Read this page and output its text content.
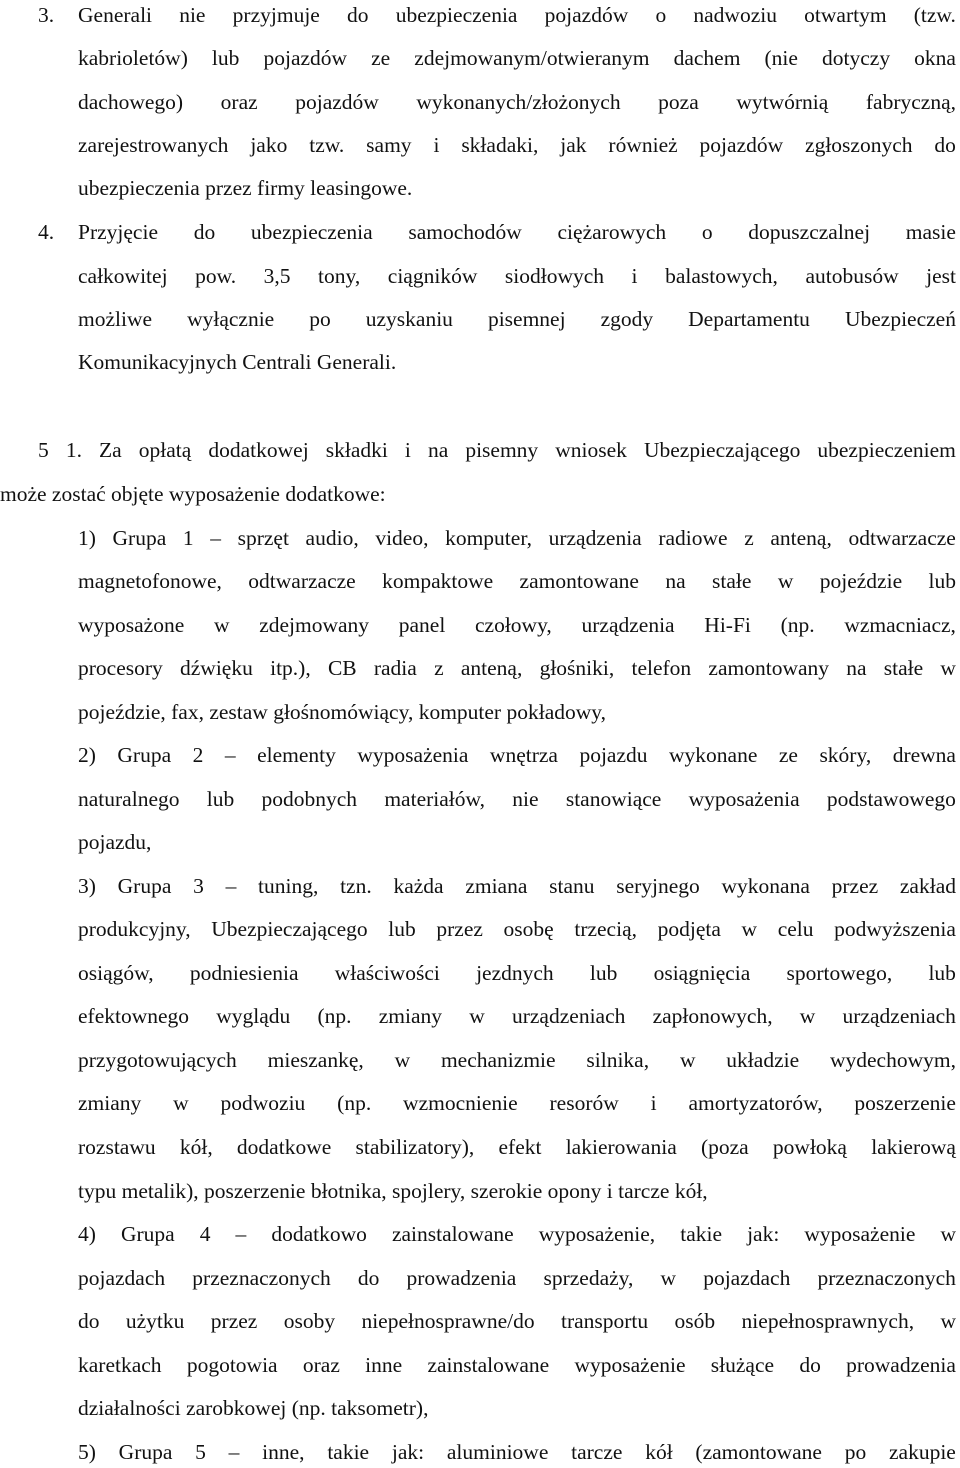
3. Generali nie przyjmuje do ubezpieczenia pojazdów o nadwoziu otwartym (tzw.
kabrioletów) lub pojazdów ze zdejmowanym/otwieranym dachem (nie dotyczy okna
dachowego) oraz pojazdów wykonanych/złożonych poza wytwórnią fabryczną,
zarejestrowanych jako tzw. samy i składaki, jak również pojazdów zgłoszonych do
ubezpieczenia przez firmy leasingowe.
4. Przyjęcie do ubezpieczenia samochodów ciężarowych o dopuszczalnej masie
całkowitej pow. 3,5 tony, ciągników siodłowych i balastowych, autobusów jest
możliwe wyłącznie po uzyskaniu pisemnej zgody Departamentu Ubezpieczeń
Komunikacyjnych Centrali Generali.
5 1. Za opłatą dodatkowej składki i na pisemny wniosek Ubezpieczającego ubezpieczeniem
może zostać objęte wyposażenie dodatkowe:
1) Grupa 1 – sprzęt audio, video, komputer, urządzenia radiowe z anteną, odtwarzacze
magnetofonowe, odtwarzacze kompaktowe zamontowane na stałe w pojeździe lub
wyposażone w zdejmowany panel czołowy, urządzenia Hi-Fi (np. wzmacniacz,
procesory dźwięku itp.), CB radia z anteną, głośniki, telefon zamontowany na stałe w
pojeździe, fax, zestaw głośnomówiący, komputer pokładowy,
2) Grupa 2 – elementy wyposażenia wnętrza pojazdu wykonane ze skóry, drewna
naturalnego lub podobnych materiałów, nie stanowiące wyposażenia podstawowego
pojazdu,
3) Grupa 3 – tuning, tzn. każda zmiana stanu seryjnego wykonana przez zakład
produkcyjny, Ubezpieczającego lub przez osobę trzecią, podjęta w celu podwyższenia
osiągów, podniesienia właściwości jezdnych lub osiągnięcia sportowego, lub
efektownego wyglądu (np. zmiany w urządzeniach zapłonowych, w urządzeniach
przygotowujących mieszankę, w mechanizmie silnika, w układzie wydechowym,
zmiany w podwoziu (np. wzmocnienie resorów i amortyzatorów, poszerzenie
rozstawu kół, dodatkowe stabilizatory), efekt lakierowania (poza powłoką lakierową
typu metalik), poszerzenie błotnika, spojlery, szerokie opony i tarcze kół,
4) Grupa 4 – dodatkowo zainstalowane wyposażenie, takie jak: wyposażenie w
pojazdach przeznaczonych do prowadzenia sprzedaży, w pojazdach przeznaczonych
do użytku przez osoby niepełnosprawne/do transportu osób niepełnosprawnych, w
karetkach pogotowia oraz inne zainstalowane wyposażenie służące do prowadzenia
działalności zarobkowej (np. taksometr),
5) Grupa 5 – inne, takie jak: aluminiowe tarcze kół (zamontowane po zakupie
